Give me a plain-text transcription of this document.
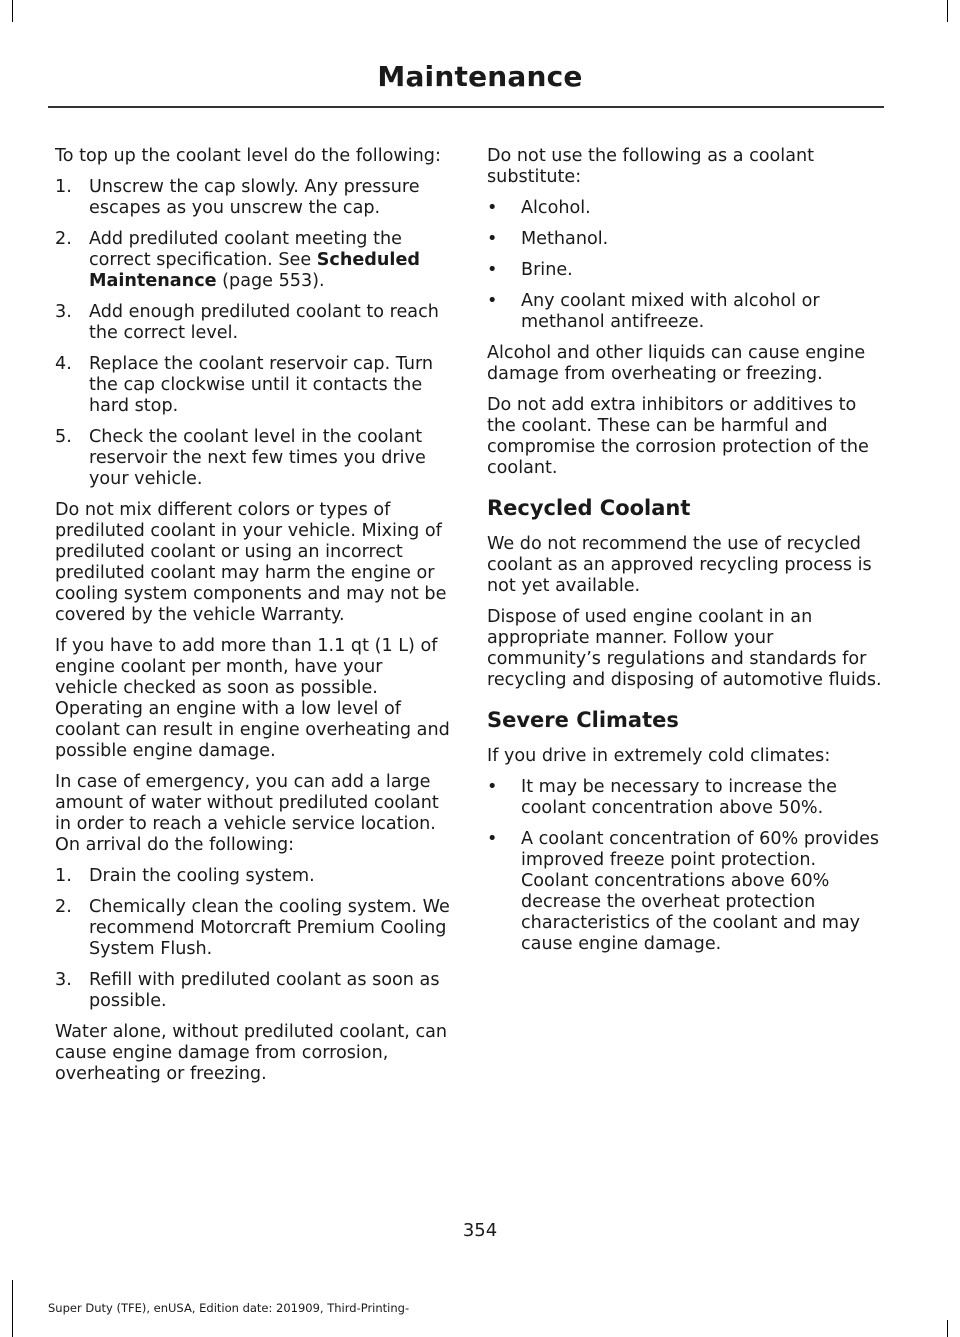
Maintenance

To top up the coolant level do the following:

1. Unscrew the cap slowly. Any pressure escapes as you unscrew the cap.
2. Add prediluted coolant meeting the correct specification. See Scheduled Maintenance (page 553).
3. Add enough prediluted coolant to reach the correct level.
4. Replace the coolant reservoir cap. Turn the cap clockwise until it contacts the hard stop.
5. Check the coolant level in the coolant reservoir the next few times you drive your vehicle.

Do not mix different colors or types of prediluted coolant in your vehicle. Mixing of prediluted coolant or using an incorrect prediluted coolant may harm the engine or cooling system components and may not be covered by the vehicle Warranty.

If you have to add more than 1.1 qt (1 L) of engine coolant per month, have your vehicle checked as soon as possible. Operating an engine with a low level of coolant can result in engine overheating and possible engine damage.

In case of emergency, you can add a large amount of water without prediluted coolant in order to reach a vehicle service location. On arrival do the following:

1. Drain the cooling system.
2. Chemically clean the cooling system. We recommend Motorcraft Premium Cooling System Flush.
3. Refill with prediluted coolant as soon as possible.

Water alone, without prediluted coolant, can cause engine damage from corrosion, overheating or freezing.

Do not use the following as a coolant substitute:

• Alcohol.
• Methanol.
• Brine.
• Any coolant mixed with alcohol or methanol antifreeze.

Alcohol and other liquids can cause engine damage from overheating or freezing.

Do not add extra inhibitors or additives to the coolant. These can be harmful and compromise the corrosion protection of the coolant.

Recycled Coolant

We do not recommend the use of recycled coolant as an approved recycling process is not yet available.

Dispose of used engine coolant in an appropriate manner. Follow your community’s regulations and standards for recycling and disposing of automotive fluids.

Severe Climates

If you drive in extremely cold climates:

• It may be necessary to increase the coolant concentration above 50%.
• A coolant concentration of 60% provides improved freeze point protection. Coolant concentrations above 60% decrease the overheat protection characteristics of the coolant and may cause engine damage.
354
Super Duty (TFE), enUSA, Edition date: 201909, Third-Printing-
